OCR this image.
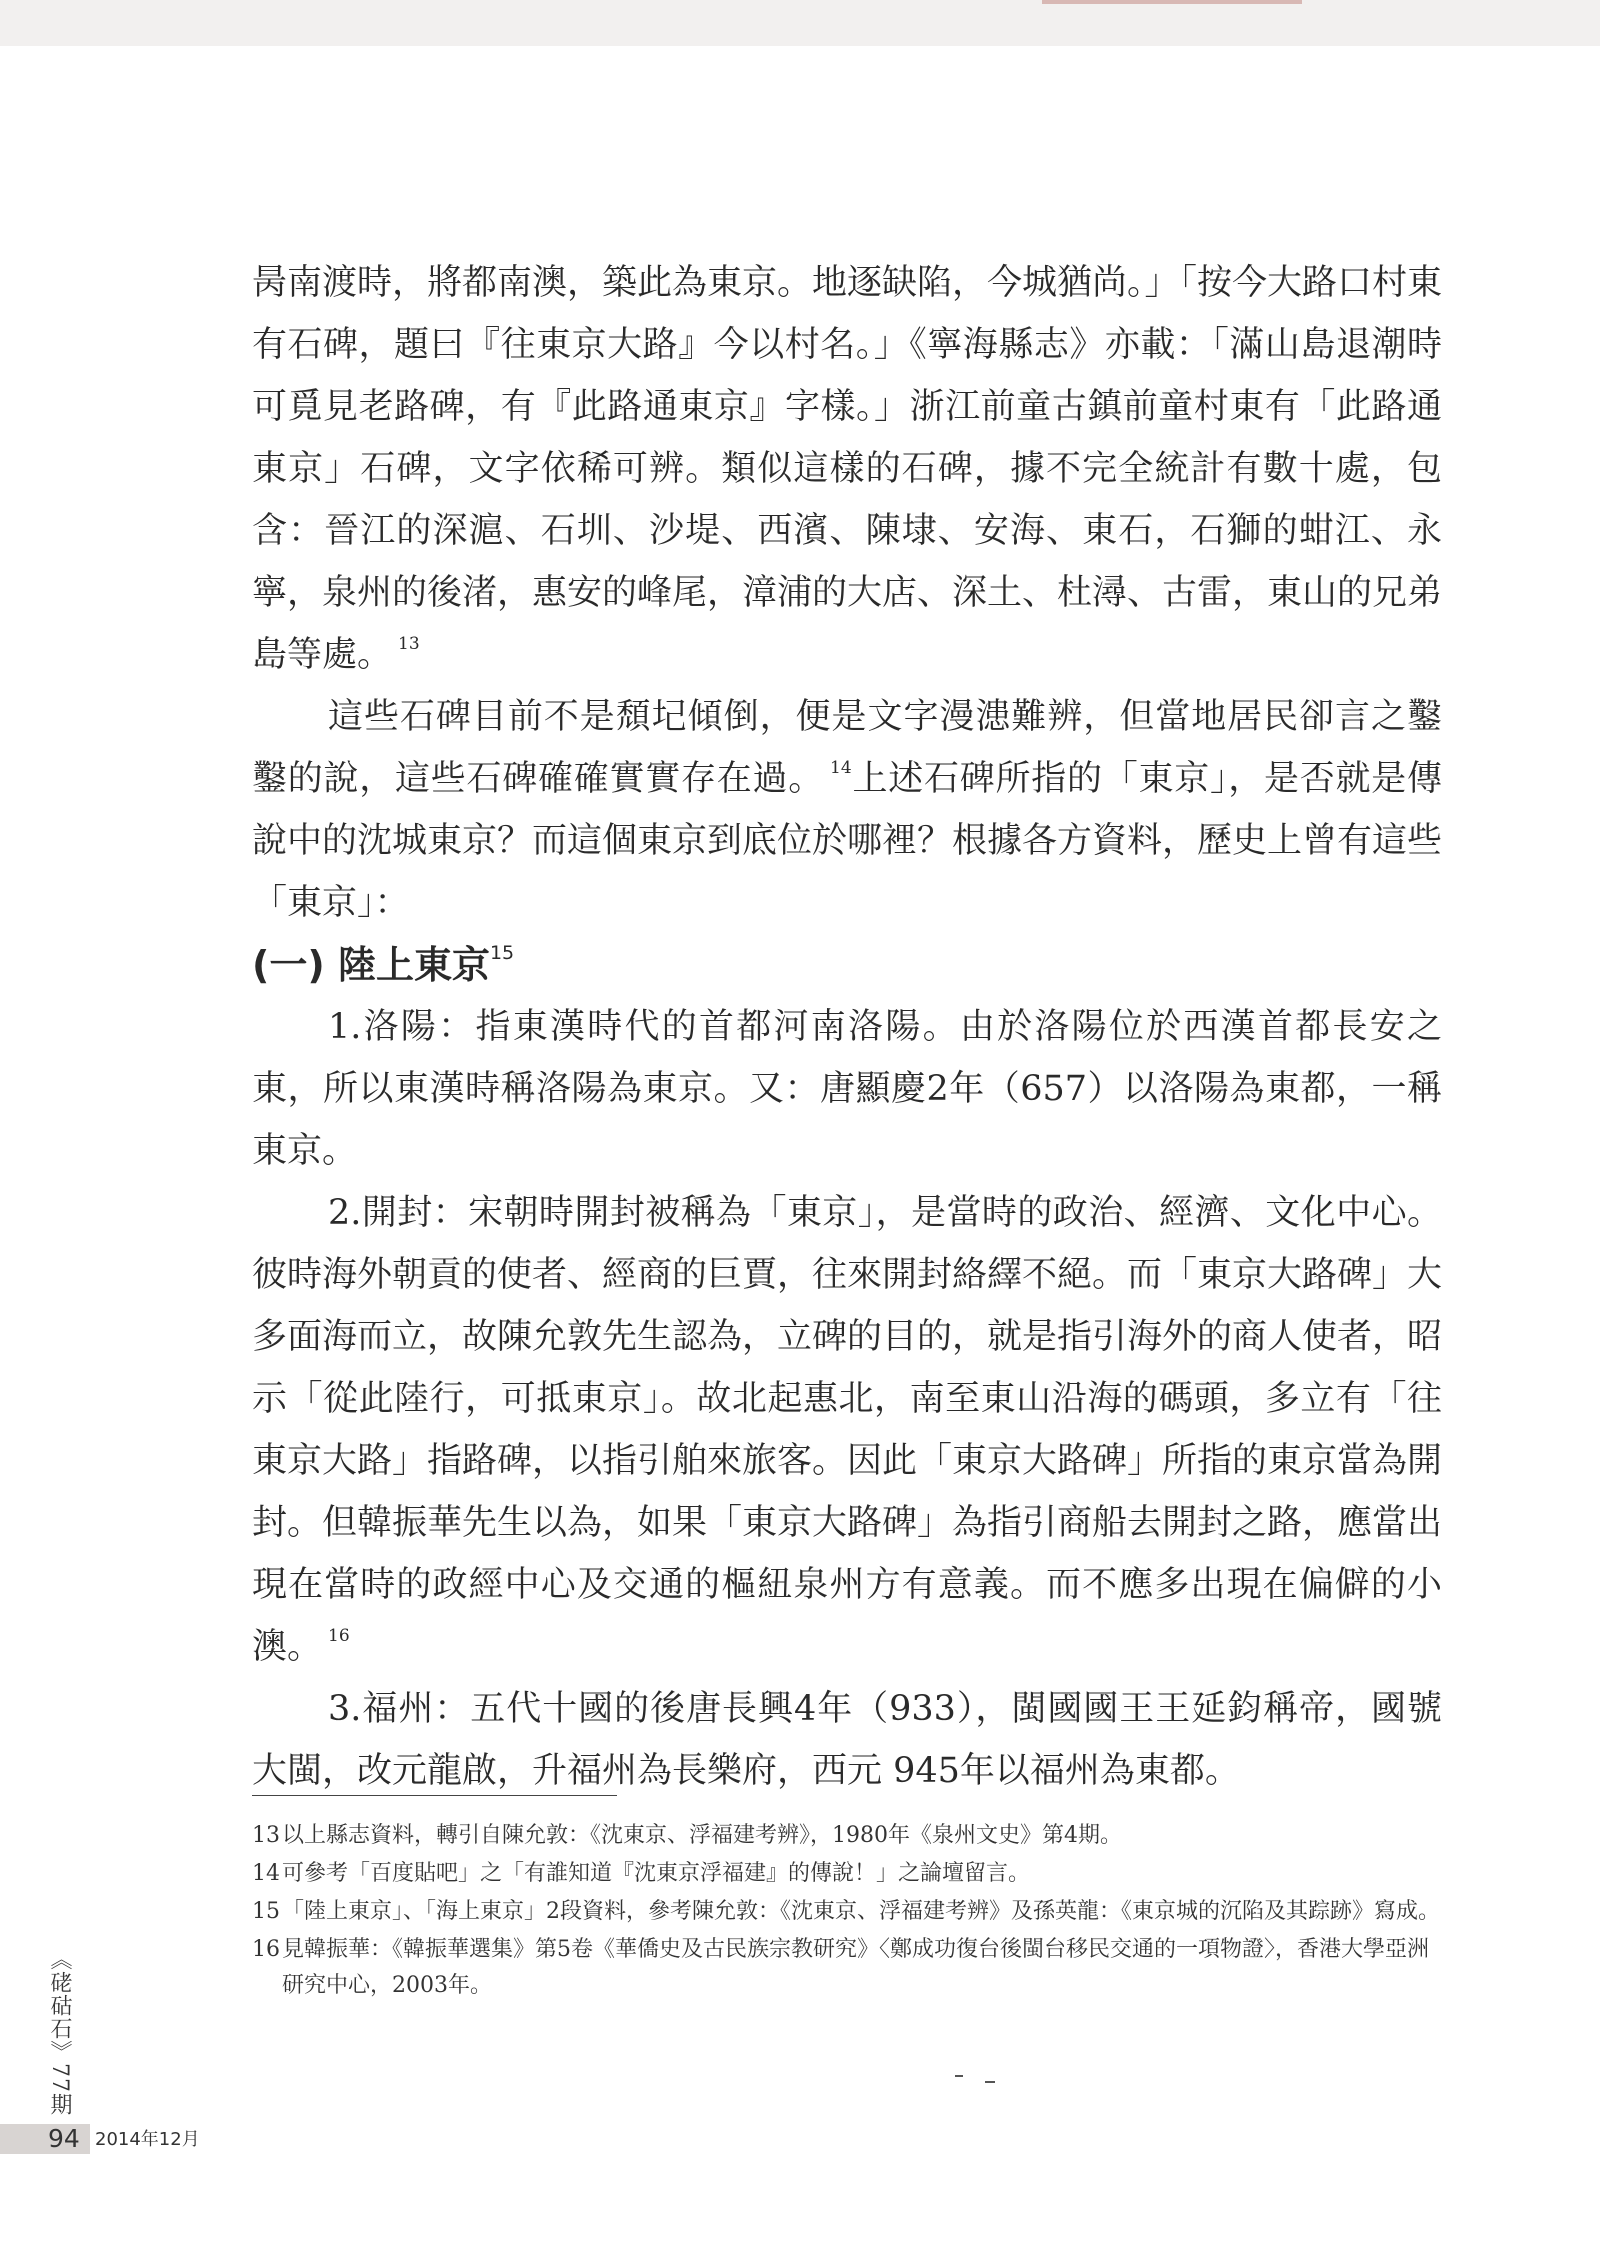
昺南渡時，將都南澳，築此為東京。地逐缺陷，今城猶尚。」「按今大路口村東有石碑，題曰『往東京大路』今以村名。」《寧海縣志》亦載：「滿山島退潮時可覓見老路碑，有『此路通東京』字樣。」浙江前童古鎮前童村東有「此路通東京」石碑，文字依稀可辨。類似這樣的石碑，據不完全統計有數十處，包含：晉江的深滬、石圳、沙堤、西濱、陳埭、安海、東石，石獅的蚶江、永寧，泉州的後渚，惠安的峰尾，漳浦的大店、深土、杜潯、古雷，東山的兄弟島等處。 $^{13}$

這些石碑目前不是頹圮傾倒，便是文字漫漶難辨，但當地居民卻言之鑿鑿的說，這些石碑確確實實存在過。 $^{14}$上述石碑所指的「東京」，是否就是傳說中的沈城東京？而這個東京到底位於哪裡？根據各方資料，歷史上曾有這些「東京」：

(一) 陸上東京$^{15}$

1.洛陽：指東漢時代的首都河南洛陽。由於洛陽位於西漢首都長安之東，所以東漢時稱洛陽為東京。又：唐顯慶2年（657）以洛陽為東都，一稱東京。

2.開封：宋朝時開封被稱為「東京」，是當時的政治、經濟、文化中心。彼時海外朝貢的使者、經商的巨賈，往來開封絡繹不絕。而「東京大路碑」大多面海而立，故陳允敦先生認為，立碑的目的，就是指引海外的商人使者，昭示「從此陸行，可抵東京」。故北起惠北，南至東山沿海的碼頭，多立有「往東京大路」指路碑，以指引舶來旅客。因此「東京大路碑」所指的東京當為開封。但韓振華先生以為，如果「東京大路碑」為指引商船去開封之路，應當出現在當時的政經中心及交通的樞紐泉州方有意義。而不應多出現在偏僻的小澳。 $^{16}$

3.福州：五代十國的後唐長興4年（933），閩國國王王延鈞稱帝，國號大閩，改元龍啟，升福州為長樂府，西元 945年以福州為東都。

13 以上縣志資料，轉引自陳允敦：《沈東京、浮福建考辨》，1980年《泉州文史》第4期。
14 可參考「百度貼吧」之「有誰知道『沈東京浮福建』的傳說！」之論壇留言。
15 「陸上東京」、「海上東京」2段資料，參考陳允敦：《沈東京、浮福建考辨》及孫英龍：《東京城的沉陷及其踪跡》寫成。
16 見韓振華：《韓振華選集》第5卷《華僑史及古民族宗教研究》〈鄭成功復台後閩台移民交通的一項物證〉，香港大學亞洲研究中心，2003年。
《硓𥑮石》77期
94 2014年12月
